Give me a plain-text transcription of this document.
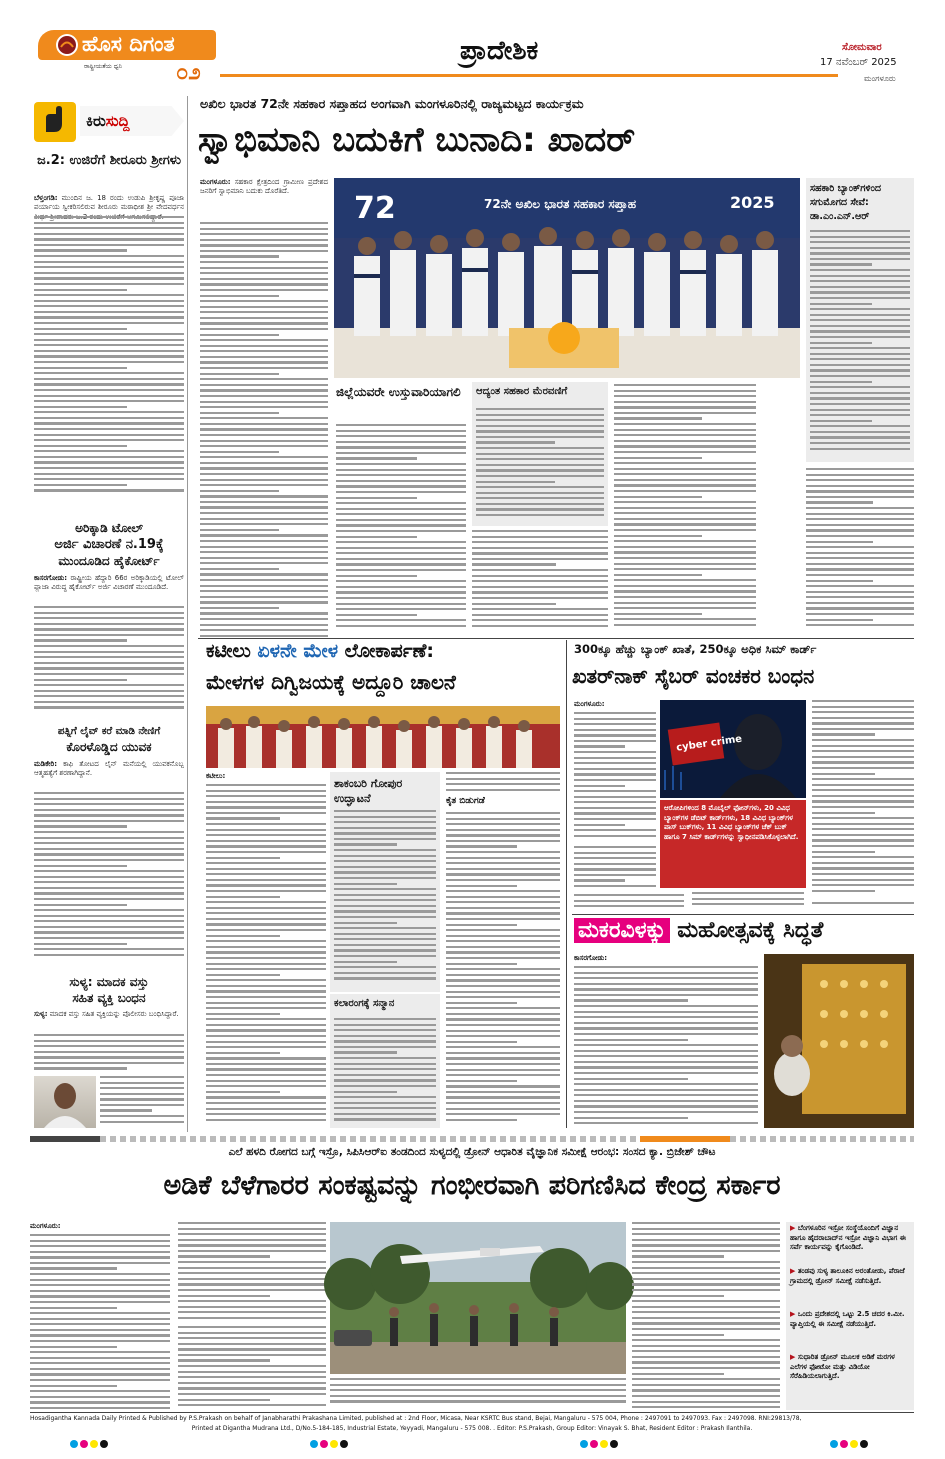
ಹೊಸ ದಿಗಂತ
ರಾಷ್ಟ್ರೀಯತೆಯ ಧ್ವನಿ ೦೨
ಪ್ರಾದೇಶಿಕ	ಸೋಮವಾರ
17 ನವೆಂಬರ್ 2025
ಮಂಗಳೂರು
ಕಿರುಸುದ್ದಿ
ಜ.2: ಉಜಿರೆಗೆ ಶೀರೂರು ಶ್ರೀಗಳು
ಬೆಳ್ತಂಗಡಿ: ಮುಂದಿನ ಜ. 18 ರಂದು ಉಡುಪಿ ಶ್ರೀಕೃಷ್ಣ ಪೂಜಾ ಪರ್ಯಾಯ ಸ್ವೀಕರಿಸಲಿರುವ ಶೀರೂರು ಮಠಾಧೀಶ ಶ್ರೀ ವೇದವರ್ಧನ
ಅರಿಕ್ಕಾಡಿ ಟೋಲ್
ಅರ್ಜಿ ವಿಚಾರಣೆ ನ.19ಕ್ಕೆ
ಮುಂದೂಡಿದ ಹೈಕೋರ್ಟ್
ಕಾಸರಗೋಡು: ರಾಷ್ಟ್ರೀಯ ಹೆದ್ದಾರಿ 66ರ ಅರಿಕ್ಕಾಡಿಯಲ್ಲಿ ಟೋಲ್ ಪ್ಲಾಜಾ ವಿರುದ್ಧ ಹೈಕೋರ್ಟ್ ಅರ್ಜಿ ವಿಚಾರಣೆ ಮುಂದೂಡಿದೆ.
ಪತ್ನಿಗೆ ಲೈವ್ ಕರೆ ಮಾಡಿ ನೇಣಿಗೆ
ಕೊರಳೊಡ್ಡಿದ ಯುವಕ
ಮಡಿಕೇರಿ: ಕಾಫಿ ತೋಟದ ಲೈನ್ ಮನೆಯಲ್ಲಿ ಯುವಕನೊಬ್ಬ ಆತ್ಮಹತ್ಯೆಗೆ ಶರಣಾಗಿದ್ದಾನೆ.
ಸುಳ್ಯ: ಮಾದಕ ವಸ್ತು
ಸಹಿತ ವ್ಯಕ್ತಿ ಬಂಧನ
ಸುಳ್ಯ: ಮಾದಕ ವಸ್ತು ಸಹಿತ ವ್ಯಕ್ತಿಯನ್ನು ಪೊಲೀಸರು ಬಂಧಿಸಿದ್ದಾರೆ.
ಅಖಿಲ ಭಾರತ 72ನೇ ಸಹಕಾರ ಸಪ್ತಾಹದ ಅಂಗವಾಗಿ ಮಂಗಳೂರಿನಲ್ಲಿ ರಾಜ್ಯಮಟ್ಟದ ಕಾರ್ಯಕ್ರಮ
ಸ್ವಾಭಿಮಾನಿ ಬದುಕಿಗೆ ಬುನಾದಿ: ಖಾದರ್
ಮಂಗಳೂರು: ಸಹಕಾರ ಕ್ಷೇತ್ರದಿಂದ ಗ್ರಾಮೀಣ ಪ್ರದೇಶದ ಜನರಿಗೆ ಸ್ವಾಭಿಮಾನಿ ಬದುಕು ದೊರೆತಿದೆ.	72	72ನೇ ಅಖಿಲ ಭಾರತ ಸಹಕಾರ ಸಪ್ತಾಹ	2025
ಜಿಲ್ಲೆಯವರೇ ಉಸ್ತುವಾರಿಯಾಗಲಿ	ಆದ್ಯಂತ ಸಹಕಾರ ಮೆರವಣಿಗೆ
ಸಹಕಾರಿ ಬ್ಯಾಂಕ್‌ಗಳಿಂದ
ಸಗುಮೊಗದ ಸೇವೆ:
ಡಾ.ಎಂ.ಎನ್.ಆರ್
ಕಟೀಲು ಏಳನೇ ಮೇಳ ಲೋಕಾರ್ಪಣೆ:
ಮೇಳಗಳ ದಿಗ್ವಿಜಯಕ್ಕೆ ಅದ್ದೂರಿ ಚಾಲನೆ
ಕಟೀಲು:
ಶಾಕಂಬರಿ ಗೋಪುರ
ಉದ್ಘಾಟನೆ
ಕಲಾರಂಗಕ್ಕೆ ಸನ್ಮಾನ
ಕೈತ ಬಿಡುಗಡೆ
300ಕ್ಕೂ ಹೆಚ್ಚು ಬ್ಯಾಂಕ್ ಖಾತೆ, 250ಕ್ಕೂ ಅಧಿಕ ಸಿಮ್ ಕಾರ್ಡ್
ಖತರ್‌ನಾಕ್ ಸೈಬರ್ ವಂಚಕರ ಬಂಧನ
ಮಂಗಳೂರು:
cyber crime
ಆರೋಪಿಗಳಿಂದ 8 ಮೊಬೈಲ್ ಫೋನ್‌ಗಳು, 20 ವಿವಿಧ ಬ್ಯಾಂಕ್‌ಗಳ ಡೆಬಿಟ್ ಕಾರ್ಡ್‌ಗಳು, 18 ವಿವಿಧ ಬ್ಯಾಂಕ್‌ಗಳ ಪಾಸ್ ಬುಕ್‌ಗಳು, 11 ವಿವಿಧ ಬ್ಯಾಂಕ್‌ಗಳ ಚೆಕ್ ಬುಕ್ ಹಾಗೂ 7 ಸಿಮ್ ಕಾರ್ಡ್‌ಗಳನ್ನು ಸ್ವಾಧೀನಪಡಿಸಿಕೊಳ್ಳಲಾಗಿದೆ.
ಮಕರವಿಳಕ್ಕು ಮಹೋತ್ಸವಕ್ಕೆ ಸಿದ್ಧತೆ
ಕಾಸರಗೋಡು:
ಎಲೆ ಹಳದಿ ರೋಗದ ಬಗ್ಗೆ ಇಸ್ರೊ, ಸಿಪಿಸಿಆರ್‌ಐ ತಂಡದಿಂದ ಸುಳ್ಯದಲ್ಲಿ ಡ್ರೋನ್ ಆಧಾರಿತ ವೈಜ್ಞಾನಿಕ ಸಮೀಕ್ಷೆ ಆರಂಭ: ಸಂಸದ ಕ್ಯಾ. ಬ್ರಿಜೇಶ್ ಚೌಟ
ಅಡಿಕೆ ಬೆಳೆಗಾರರ ಸಂಕಷ್ಟವನ್ನು ಗಂಭೀರವಾಗಿ ಪರಿಗಣಿಸಿದ ಕೇಂದ್ರ ಸರ್ಕಾರ
ಮಂಗಳೂರು:	▶ ಬೆಂಗಳೂರಿನ ಇಸ್ರೋ ಸಂಸ್ಥೆಯೊಂದಿಗೆ ವಿಜ್ಞಾನ ಹಾಗೂ ಹೈದರಾಬಾದ್‌ನ ಇಸ್ರೋ ವಿಜ್ಞಾನಿ ವಿಭಾಗ ಈ ಸರ್ವೆ ಕಾರ್ಯವನ್ನು ಕೈಗೊಂಡಿದೆ.
▶ ತಂಡವು ಸುಳ್ಯ ತಾಲೂಕಿನ ಅರಂತೋಡು, ಪೆರಾಜೆ ಗ್ರಾಮದಲ್ಲಿ ಡ್ರೋನ್ ಸಮೀಕ್ಷೆ ನಡೆಸುತ್ತಿದೆ.
▶ ಒಂದು ಪ್ರದೇಶದಲ್ಲಿ ಒಟ್ಟು 2.5 ಚದರ ಕಿ.ಮೀ. ವ್ಯಾಪ್ತಿಯಲ್ಲಿ ಈ ಸಮೀಕ್ಷೆ ನಡೆಯುತ್ತಿದೆ.
▶ ಸುಧಾರಿತ ಡ್ರೋನ್ ಮೂಲಕ ಅಡಿಕೆ ಮರಗಳ ಎಲೆಗಳ ಫೋಟೋ ಮತ್ತು ವಿಡಿಯೋ ಸೆರೆಹಿಡಿಯಲಾಗುತ್ತಿದೆ.
Hosadigantha Kannada Daily Printed & Published by P.S.Prakash on behalf of Janabharathi Prakashana Limited, published at : 2nd Floor, Micasa, Near KSRTC Bus stand, Bejai, Mangaluru - 575 004, Phone : 2497091 to 2497093. Fax : 2497098. RNI:29813/78,
Printed at Digantha Mudrana Ltd., D/No.5-184-185, Industrial Estate, Yeyyadi, Mangaluru - 575 008. . Editor: P.S.Prakash, Group Editor: Vinayak S. Bhat, Resident Editor : Prakash Ilanthila.
